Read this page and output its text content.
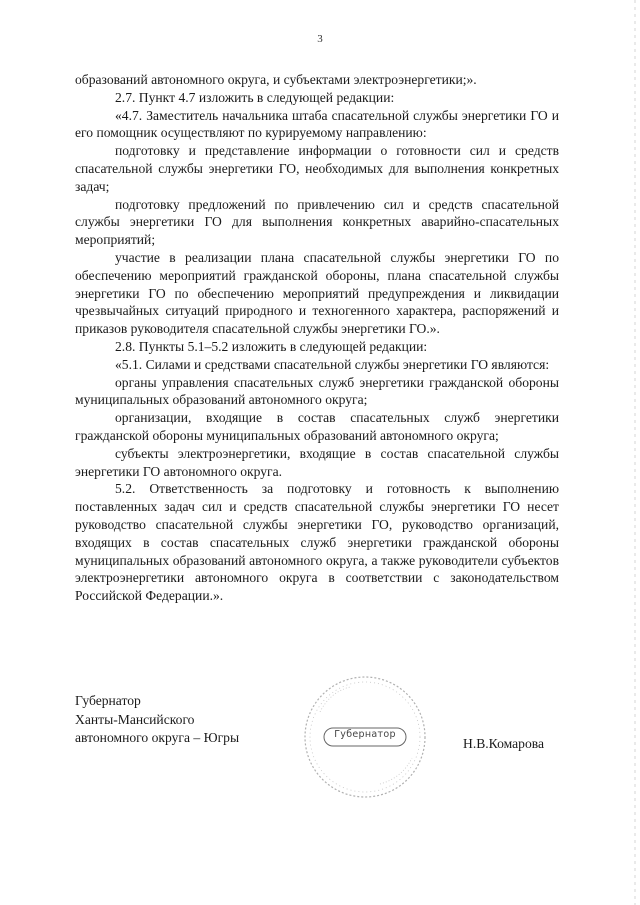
3

образований автономного округа, и субъектами электроэнергетики;».

2.7. Пункт 4.7 изложить в следующей редакции:

«4.7. Заместитель начальника штаба спасательной службы энергетики ГО и его помощник осуществляют по курируемому направлению:

подготовку и представление информации о готовности сил и средств спасательной службы энергетики ГО, необходимых для выполнения конкретных задач;

подготовку предложений по привлечению сил и средств спасательной службы энергетики ГО для выполнения конкретных аварийно-спасательных мероприятий;

участие в реализации плана спасательной службы энергетики ГО по обеспечению мероприятий гражданской обороны, плана спасательной службы энергетики ГО по обеспечению мероприятий предупреждения и ликвидации чрезвычайных ситуаций природного и техногенного характера, распоряжений и приказов руководителя спасательной службы энергетики ГО.».

2.8. Пункты 5.1–5.2 изложить в следующей редакции:

«5.1. Силами и средствами спасательной службы энергетики ГО являются:

органы управления спасательных служб энергетики гражданской обороны муниципальных образований автономного округа;

организации, входящие в состав спасательных служб энергетики гражданской обороны муниципальных образований автономного округа;

субъекты электроэнергетики, входящие в состав спасательной службы энергетики ГО автономного округа.

5.2. Ответственность за подготовку и готовность к выполнению поставленных задач сил и средств спасательной службы энергетики ГО несет руководство спасательной службы энергетики ГО, руководство организаций, входящих в состав спасательных служб энергетики гражданской обороны муниципальных образований автономного округа, а также руководители субъектов электроэнергетики автономного округа в соответствии с законодательством Российской Федерации.».

Губернатор
Ханты-Мансийского
автономного округа – Югры	Губернатор
Н.В.Комарова
